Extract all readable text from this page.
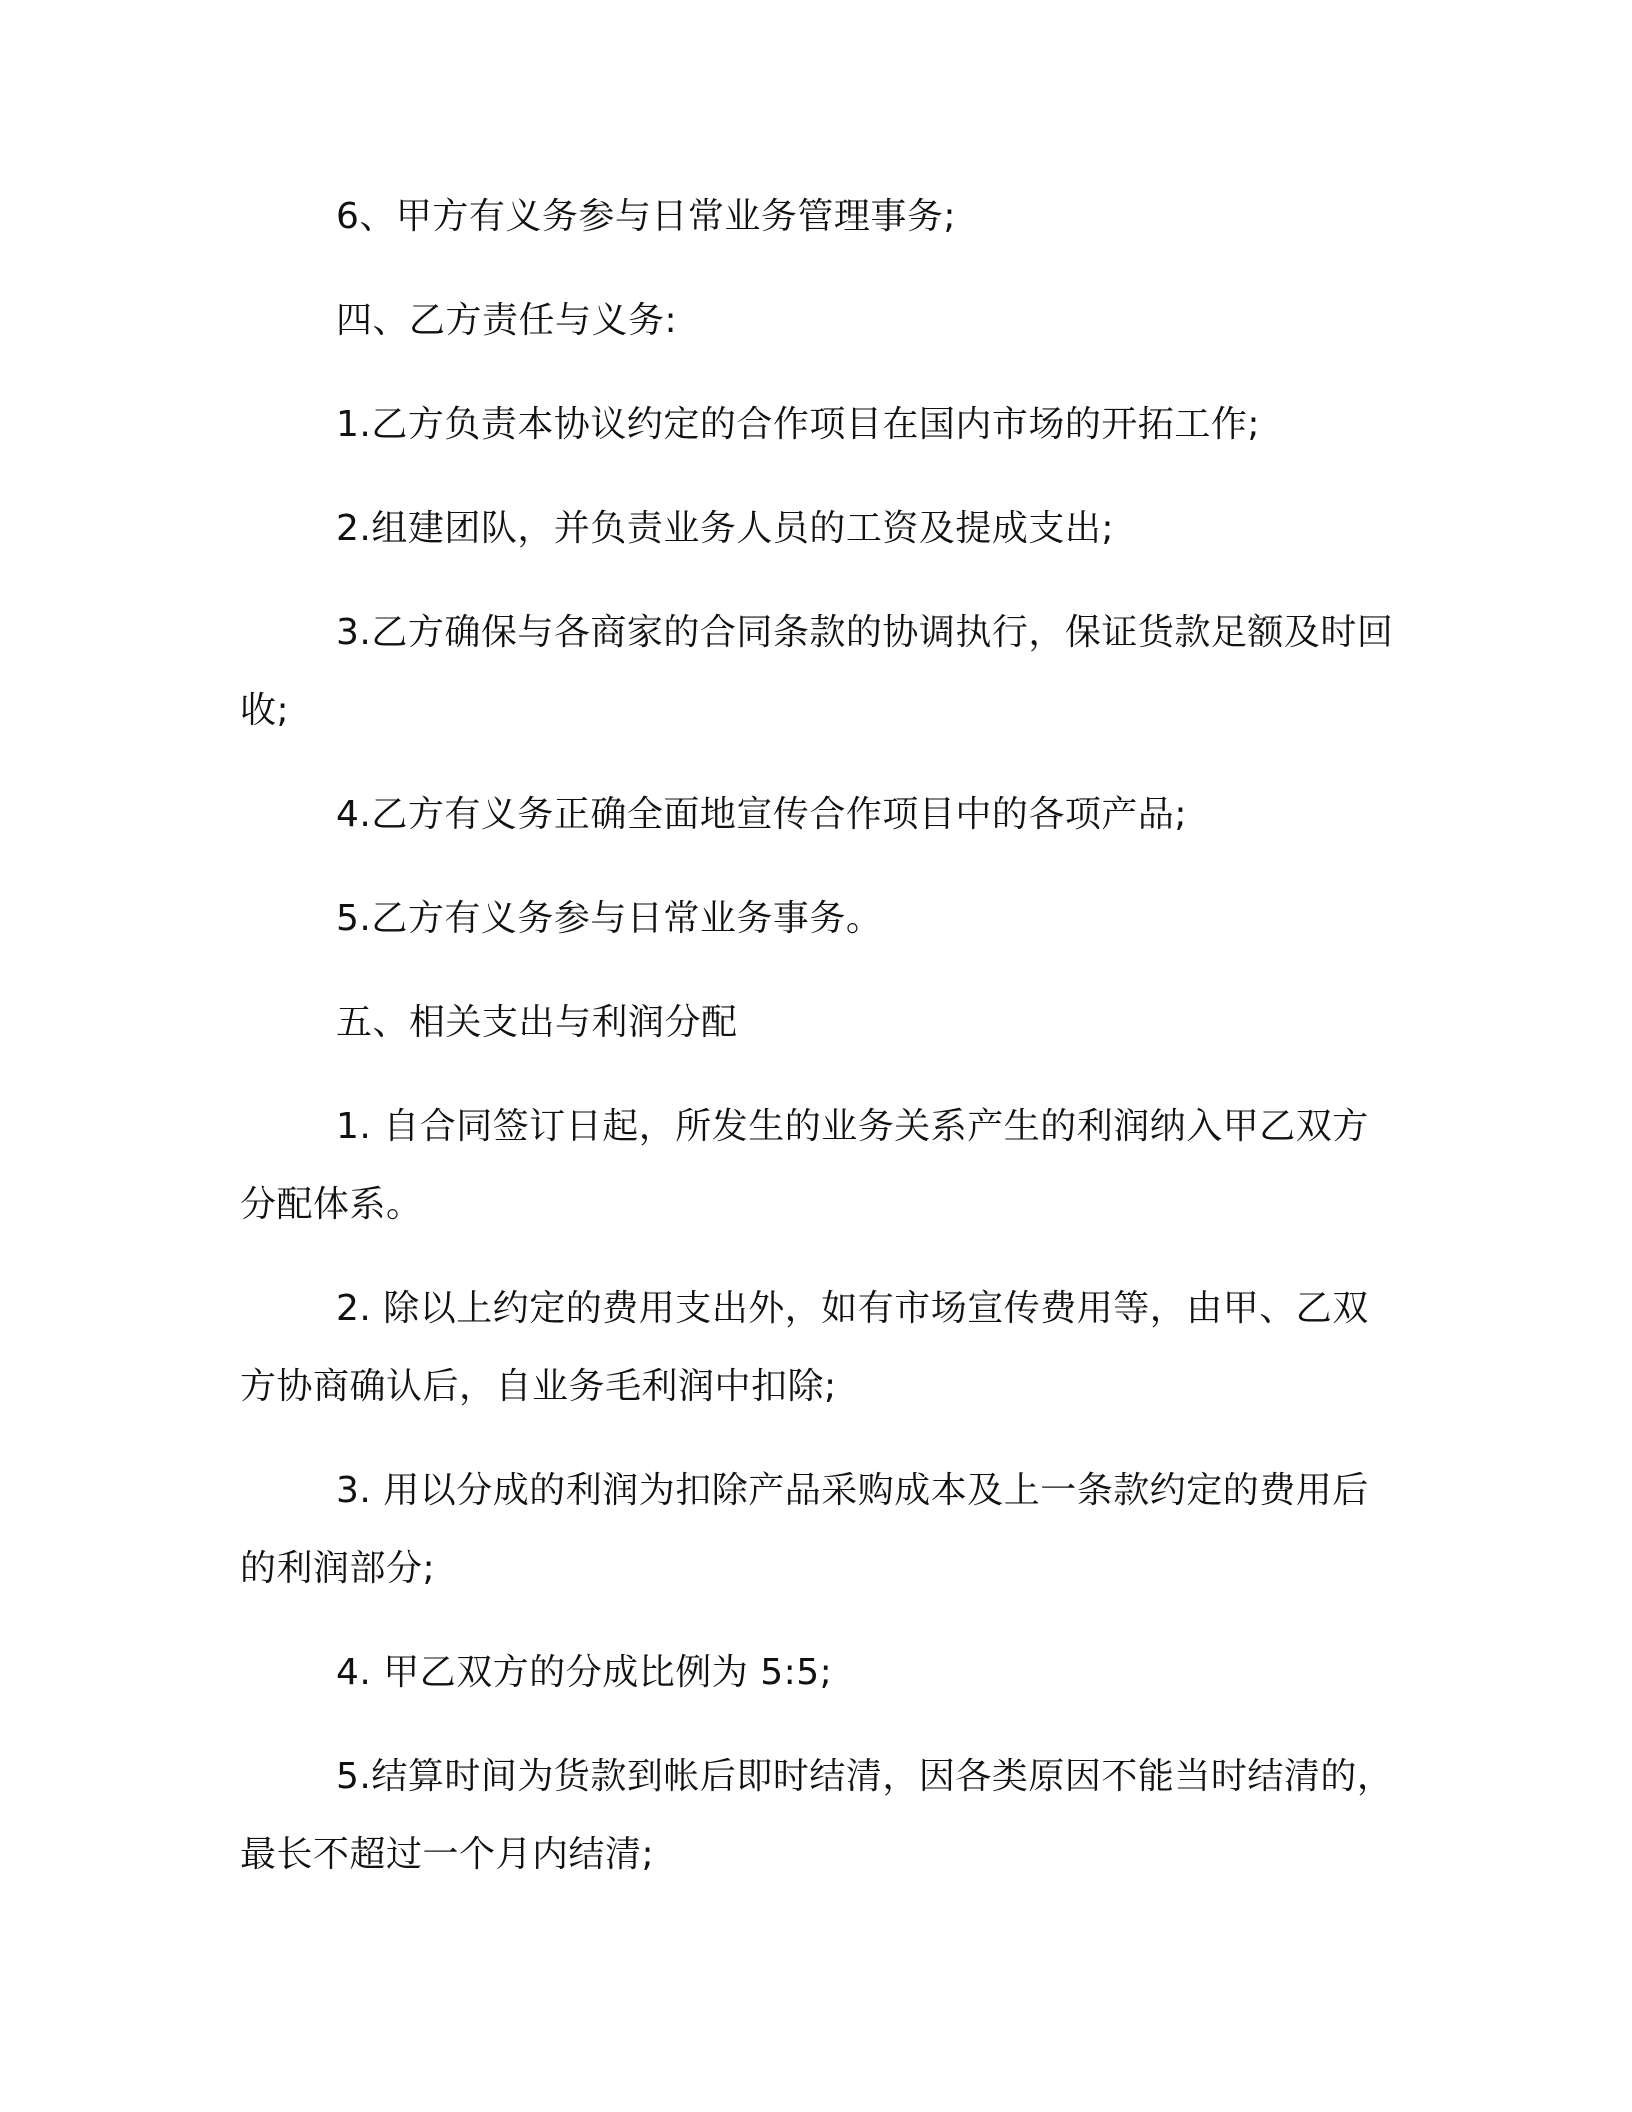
6、甲方有义务参与日常业务管理事务;

四、乙方责任与义务:

1.乙方负责本协议约定的合作项目在国内市场的开拓工作;

2.组建团队，并负责业务人员的工资及提成支出;

3.乙方确保与各商家的合同条款的协调执行，保证货款足额及时回收;

4.乙方有义务正确全面地宣传合作项目中的各项产品;

5.乙方有义务参与日常业务事务。

五、相关支出与利润分配

1. 自合同签订日起，所发生的业务关系产生的利润纳入甲乙双方分配体系。

2. 除以上约定的费用支出外，如有市场宣传费用等，由甲、乙双方协商确认后，自业务毛利润中扣除;

3. 用以分成的利润为扣除产品采购成本及上一条款约定的费用后的利润部分;

4. 甲乙双方的分成比例为 5:5;

5.结算时间为货款到帐后即时结清，因各类原因不能当时结清的，最长不超过一个月内结清;
